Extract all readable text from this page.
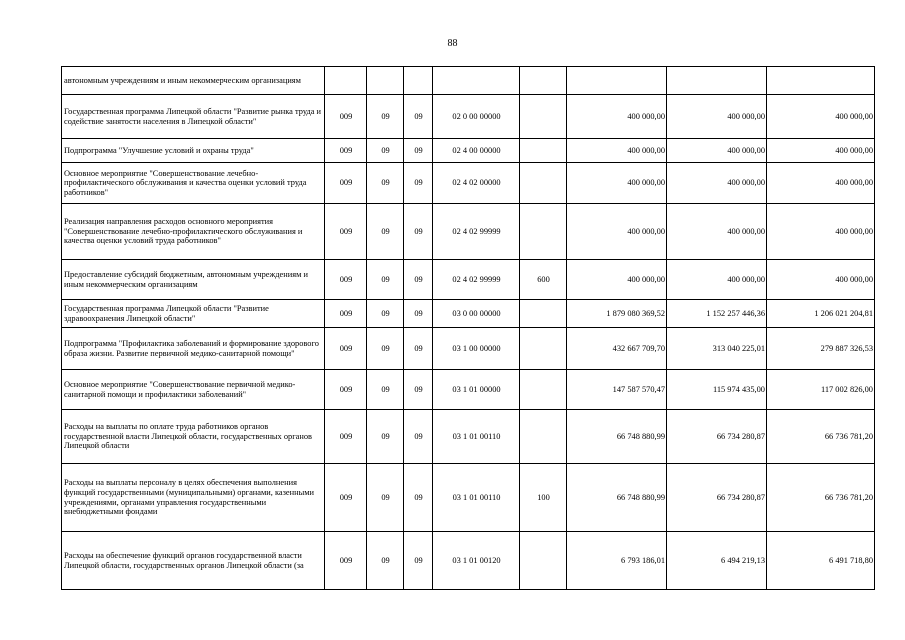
88
автономным учреждениям и иным некоммерческим организациям								
Государственная программа Липецкой области "Развитие рынка труда и содействие занятости населения в Липецкой области"	009	09	09	02 0 00 00000		400 000,00	400 000,00	400 000,00
Подпрограмма "Улучшение условий и охраны труда"	009	09	09	02 4 00 00000		400 000,00	400 000,00	400 000,00
Основное мероприятие "Совершенствование лечебно-профилактического обслуживания и качества оценки условий труда работников"	009	09	09	02 4 02 00000		400 000,00	400 000,00	400 000,00
Реализация направления расходов основного мероприятия "Совершенствование лечебно-профилактического обслуживания и качества оценки условий труда работников"	009	09	09	02 4 02 99999		400 000,00	400 000,00	400 000,00
Предоставление субсидий бюджетным, автономным учреждениям и иным некоммерческим организациям	009	09	09	02 4 02 99999	600	400 000,00	400 000,00	400 000,00
Государственная программа Липецкой области "Развитие здравоохранения Липецкой области"	009	09	09	03 0 00 00000		1 879 080 369,52	1 152 257 446,36	1 206 021 204,81
Подпрограмма "Профилактика заболеваний и формирование здорового образа жизни. Развитие первичной медико-санитарной помощи"	009	09	09	03 1 00 00000		432 667 709,70	313 040 225,01	279 887 326,53
Основное мероприятие "Совершенствование первичной медико-санитарной помощи и профилактики заболеваний"	009	09	09	03 1 01 00000		147 587 570,47	115 974 435,00	117 002 826,00
Расходы на выплаты по оплате труда работников органов государственной власти Липецкой области, государственных органов Липецкой области	009	09	09	03 1 01 00110		66 748 880,99	66 734 280,87	66 736 781,20
Расходы на выплаты персоналу в целях обеспечения выполнения функций государственными (муниципальными) органами, казенными учреждениями, органами управления государственными внебюджетными фондами	009	09	09	03 1 01 00110	100	66 748 880,99	66 734 280,87	66 736 781,20
Расходы на обеспечение функций органов государственной власти Липецкой области, государственных органов Липецкой области (за	009	09	09	03 1 01 00120		6 793 186,01	6 494 219,13	6 491 718,80
